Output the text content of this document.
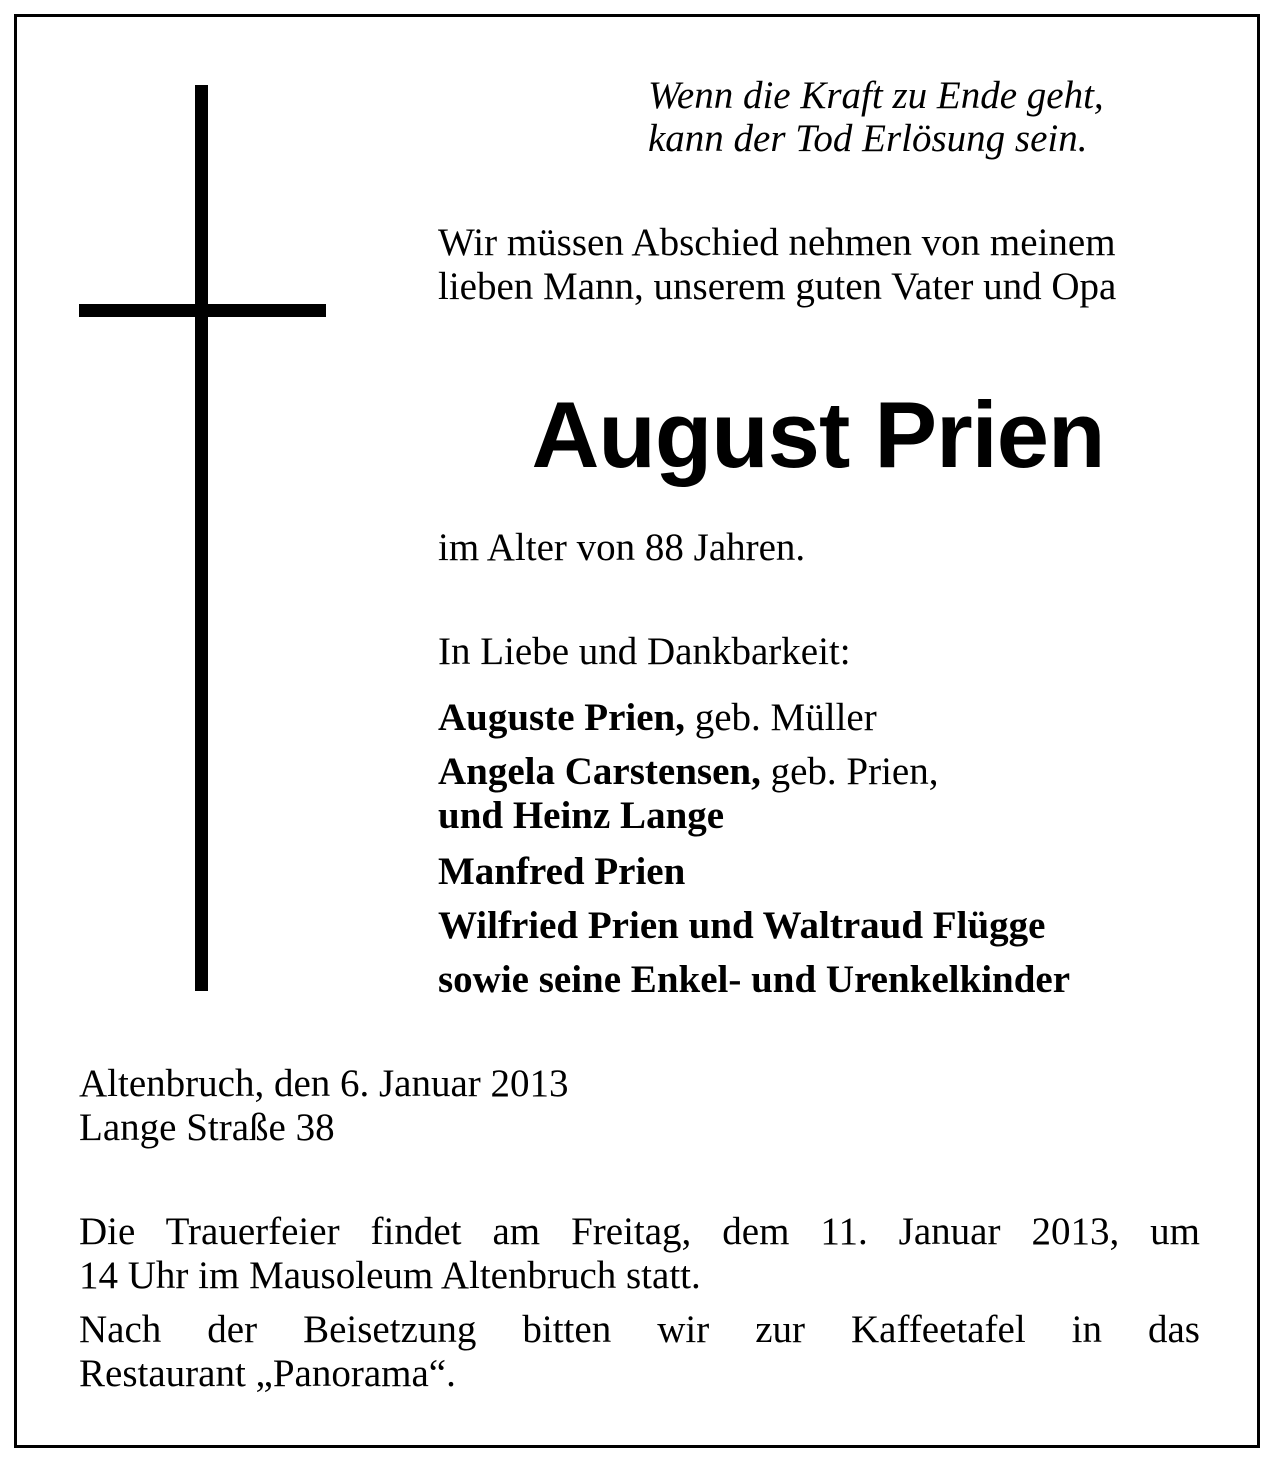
Wenn die Kraft zu Ende geht,
kann der Tod Erlösung sein.
Wir müssen Abschied nehmen von meinem
lieben Mann, unserem guten Vater und Opa
August Prien
im Alter von 88 Jahren.
In Liebe und Dankbarkeit:
Auguste Prien, geb. Müller
Angela Carstensen, geb. Prien,
und Heinz Lange
Manfred Prien
Wilfried Prien und Waltraud Flügge
sowie seine Enkel- und Urenkelkinder
Altenbruch, den 6. Januar 2013
Lange Straße 38
Die Trauerfeier findet am Freitag, dem 11. Januar 2013, um
14 Uhr im Mausoleum Altenbruch statt.
Nach der Beisetzung bitten wir zur Kaffeetafel in das
Restaurant „Panorama“.
